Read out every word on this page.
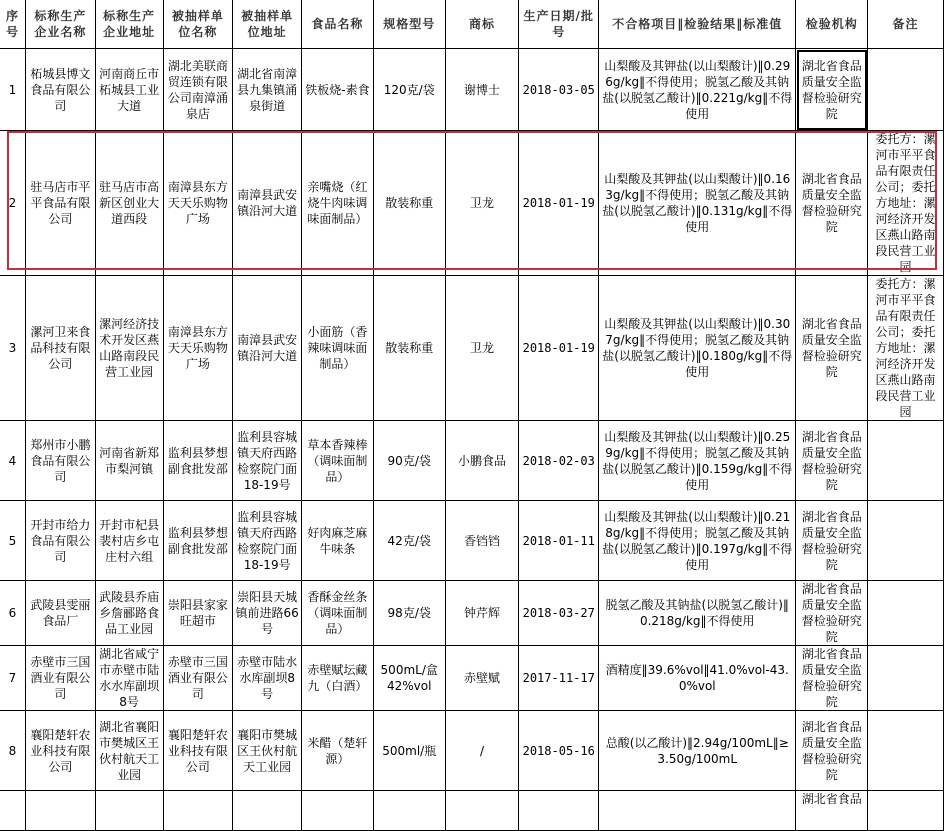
序号	标称生产企业名称	标称生产企业地址	被抽样单位名称	被抽样单位地址	食品名称	规格型号	商标	生产日期/批号	不合格项目‖检验结果‖标准值	检验机构	备注
1	柘城县博文食品有限公司	河南商丘市柘城县工业大道	湖北美联商贸连锁有限公司南漳涌泉店	湖北省南漳县九集镇涌泉街道	铁板烧-素食	120克/袋	谢博士	2018-03-05	山梨酸及其钾盐(以山梨酸计)‖0.296g/kg‖不得使用；脱氢乙酸及其钠盐(以脱氢乙酸计)‖0.221g/kg‖不得使用	湖北省食品质量安全监督检验研究院	
2	驻马店市平平食品有限公司	驻马店市高新区创业大道西段	南漳县东方天天乐购物广场	南漳县武安镇沿河大道	亲嘴烧（红烧牛肉味调味面制品）	散装称重	卫龙	2018-01-19	山梨酸及其钾盐(以山梨酸计)‖0.163g/kg‖不得使用；脱氢乙酸及其钠盐(以脱氢乙酸计)‖0.131g/kg‖不得使用	湖北省食品质量安全监督检验研究院	委托方：漯河市平平食品有限责任公司；委托方地址：漯河经济开发区燕山路南段民营工业园
3	漯河卫来食品科技有限公司	漯河经济技术开发区燕山路南段民营工业园	南漳县东方天天乐购物广场	南漳县武安镇沿河大道	小面筋（香辣味调味面制品）	散装称重	卫龙	2018-01-19	山梨酸及其钾盐(以山梨酸计)‖0.307g/kg‖不得使用；脱氢乙酸及其钠盐(以脱氢乙酸计)‖0.180g/kg‖不得使用	湖北省食品质量安全监督检验研究院	委托方：漯河市平平食品有限责任公司；委托方地址：漯河经济开发区燕山路南段民营工业园
4	郑州市小鹏食品有限公司	河南省新郑市梨河镇	监利县梦想副食批发部	监利县容城镇天府西路检察院门面18-19号	草本香辣棒（调味面制品）	90克/袋	小鹏食品	2018-02-03	山梨酸及其钾盐(以山梨酸计)‖0.259g/kg‖不得使用；脱氢乙酸及其钠盐(以脱氢乙酸计)‖0.159g/kg‖不得使用	湖北省食品质量安全监督检验研究院	
5	开封市给力食品有限公司	开封市杞县裴村店乡屯庄村六组	监利县梦想副食批发部	监利县容城镇天府西路检察院门面18-19号	好肉麻芝麻牛味条	42克/袋	香铛铛	2018-01-11	山梨酸及其钾盐(以山梨酸计)‖0.218g/kg‖不得使用；脱氢乙酸及其钠盐(以脱氢乙酸计)‖0.197g/kg‖不得使用	湖北省食品质量安全监督检验研究院	
6	武陵县雯丽食品厂	武陵县乔庙乡詹郦路食品工业园	崇阳县家家旺超市	崇阳县天城镇前进路66号	香酥金丝条（调味面制品）	98克/袋	钟芹辉	2018-03-27	脱氢乙酸及其钠盐(以脱氢乙酸计)‖0.218g/kg‖不得使用	湖北省食品质量安全监督检验研究院	
7	赤壁市三国酒业有限公司	湖北省咸宁市赤壁市陆水水库副坝8号	赤壁市三国酒业有限公司	赤壁市陆水水库副坝8号	赤壁赋坛藏九（白酒）	500mL/盒 42%vol	赤壁赋	2017-11-17	酒精度‖39.6%vol‖41.0%vol-43.0%vol	湖北省食品质量安全监督检验研究院	
8	襄阳楚轩农业科技有限公司	湖北省襄阳市樊城区王伙村航天工业园	襄阳楚轩农业科技有限公司	襄阳市樊城区王伙村航天工业园	米醋（楚轩源）	500ml/瓶	/	2018-05-16	总酸(以乙酸计)‖2.94g/100mL‖≥3.50g/100mL	湖北省食品质量安全监督检验研究院	
										湖北省食品	
